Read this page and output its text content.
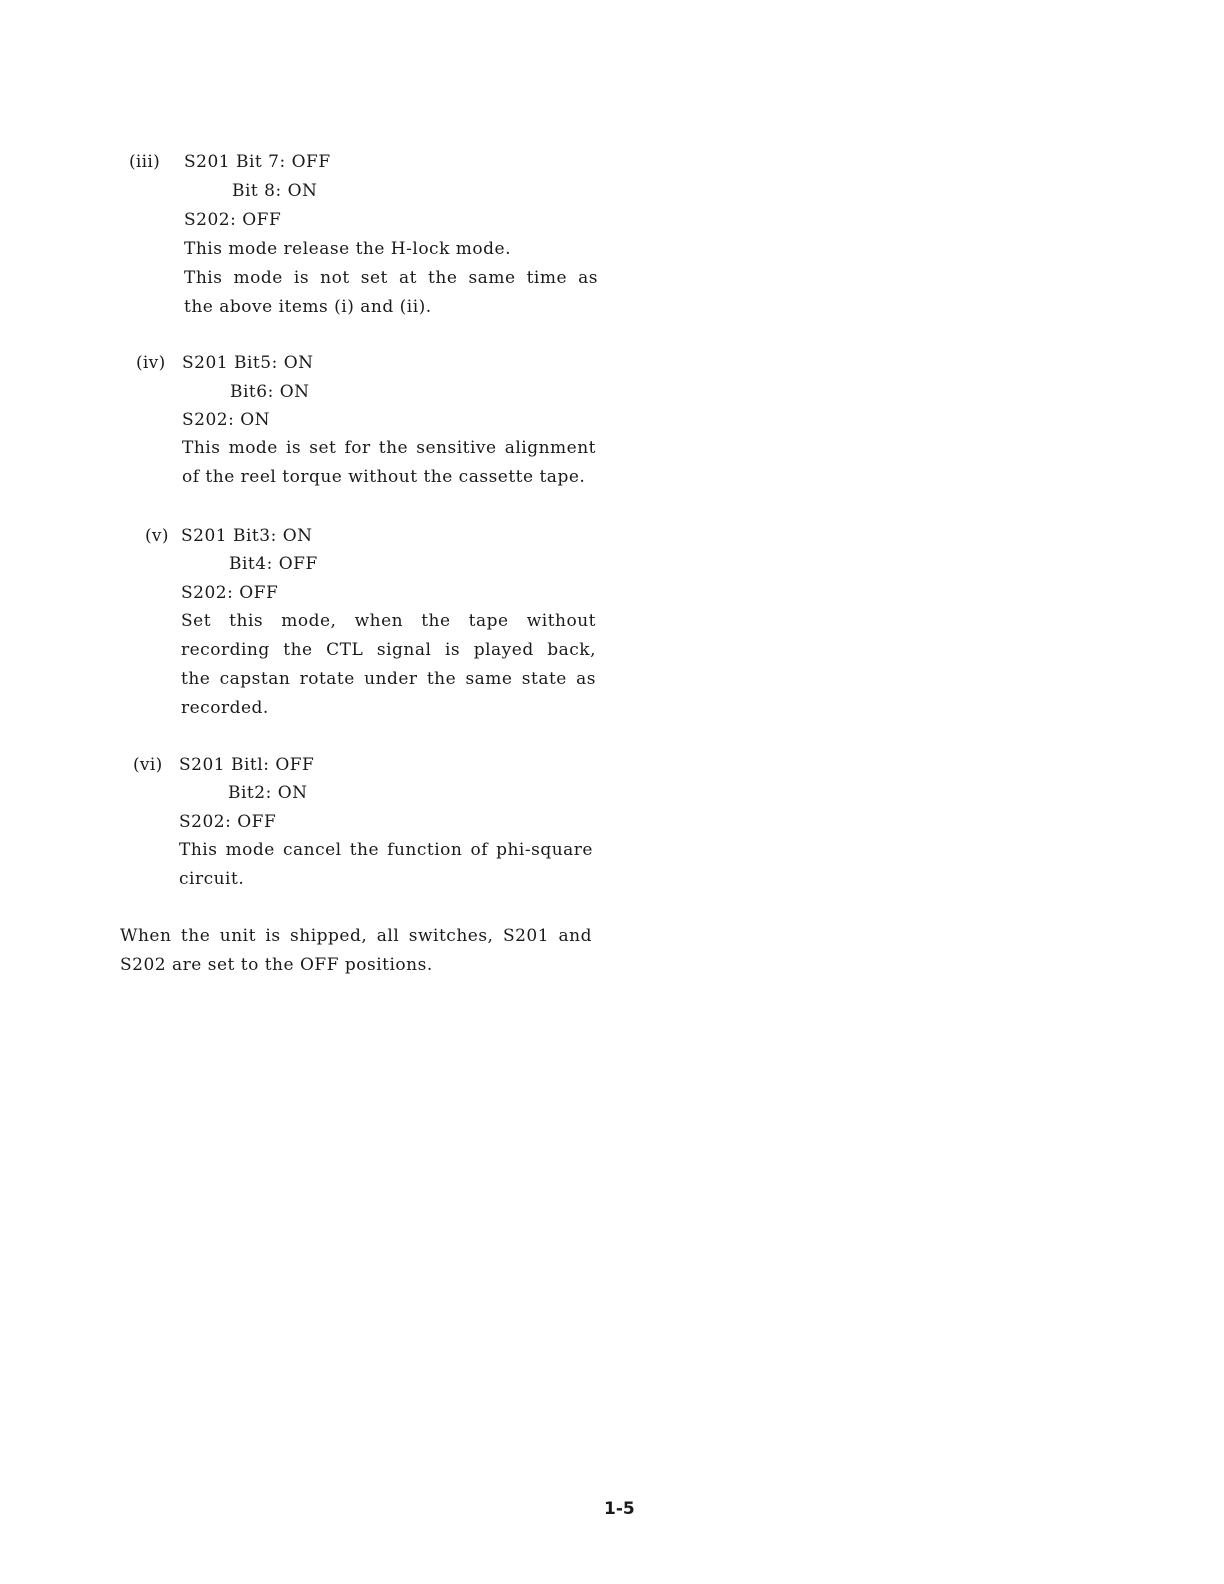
(iii) S201 Bit 7: OFF
Bit 8: ON
S202: OFF
This mode release the H-lock mode.
This mode is not set at the same time as
the above items (i) and (ii).
(iv) S201 Bit5: ON
Bit6: ON
S202: ON
This mode is set for the sensitive alignment
of the reel torque without the cassette tape.
(v) S201 Bit3: ON
Bit4: OFF
S202: OFF
Set this mode, when the tape without
recording the CTL signal is played back,
the capstan rotate under the same state as
recorded.
(vi) S201 Bitl: OFF
Bit2: ON
S202: OFF
This mode cancel the function of phi-square
circuit.
When the unit is shipped, all switches, S201 and
S202 are set to the OFF positions.
1-5
